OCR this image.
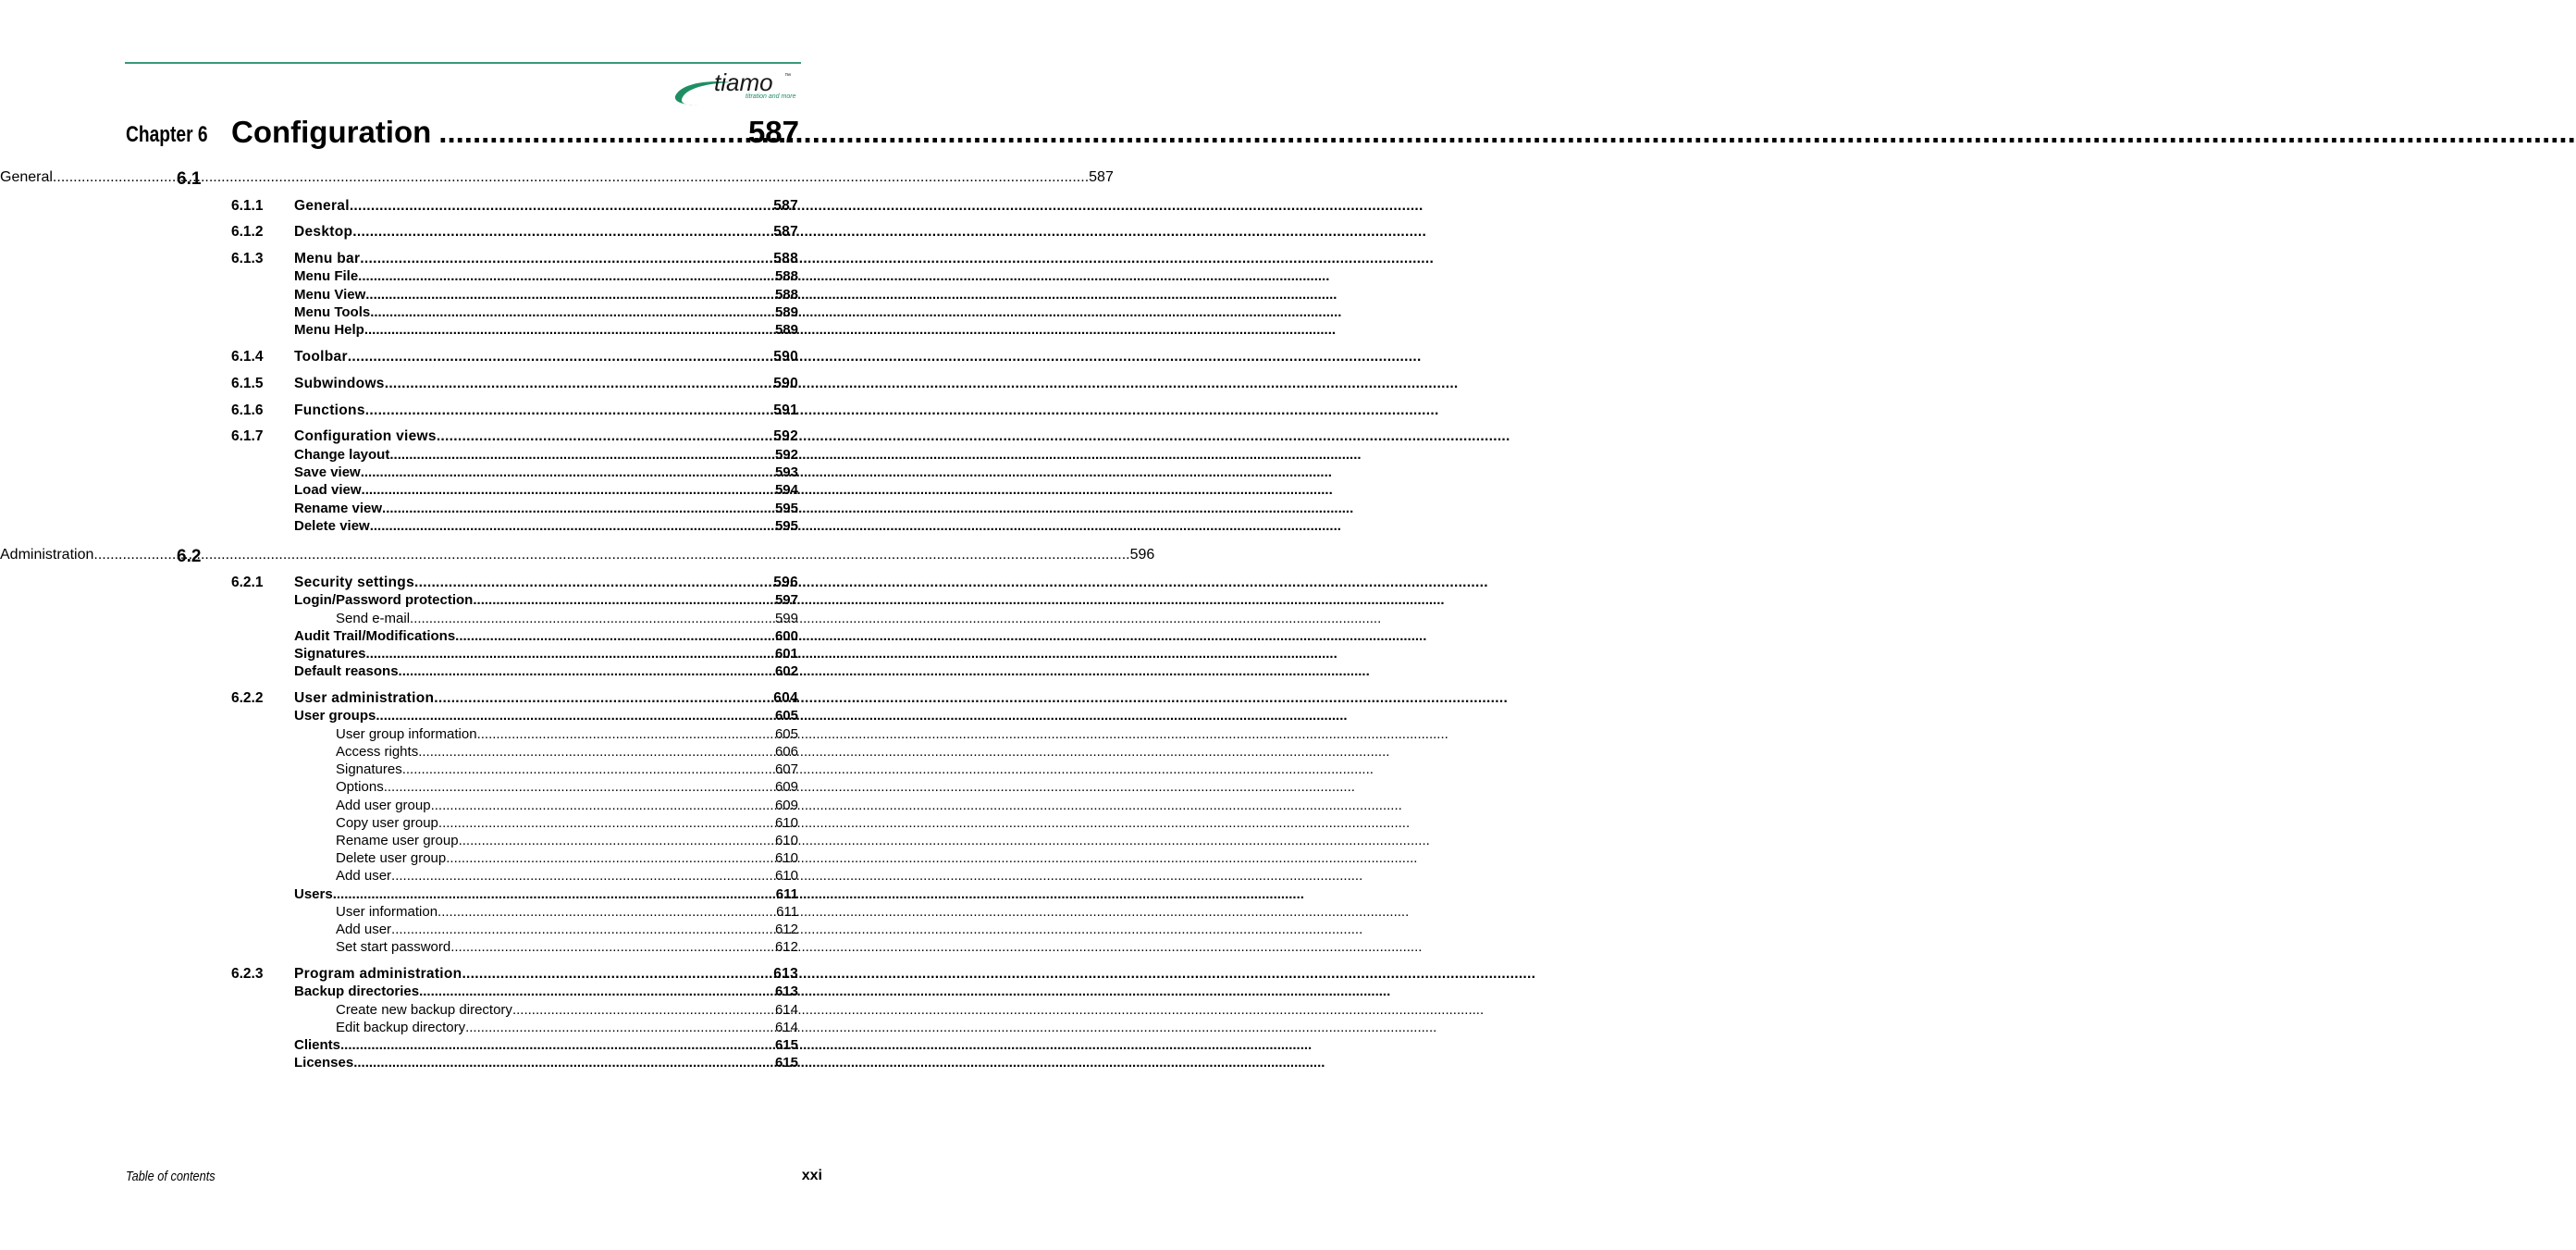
tiamo ™
titration and more
Chapter 6 Configuration .....	587
6.1
General .....	587
6.1.1 General .....	587
6.1.2 Desktop .....	587
6.1.3 Menu bar .....	588
Menu File .....	588
Menu View .....	588
Menu Tools .....	589
Menu Help .....	589
6.1.4 Toolbar .....	590
6.1.5 Subwindows .....	590
6.1.6 Functions .....	591
6.1.7 Configuration views .....	592
Change layout .....	592
Save view .....	593
Load view .....	594
Rename view .....	595
Delete view .....	595
6.2
Administration .....	596
6.2.1 Security settings .....	596
Login/Password protection .....	597
Send e-mail .....	599
Audit Trail/Modifications .....	600
Signatures .....	601
Default reasons .....	602
6.2.2 User administration .....	604
User groups .....	605
User group information .....	605
Access rights .....	606
Signatures .....	607
Options .....	609
Add user group .....	609
Copy user group .....	610
Rename user group .....	610
Delete user group .....	610
Add user .....	610
Users .....	611
User information .....	611
Add user .....	612
Set start password .....	612
6.2.3 Program administration .....	613
Backup directories .....	613
Create new backup directory .....	614
Edit backup directory .....	614
Clients .....	615
Licenses .....	615
Table of contents	xxi
